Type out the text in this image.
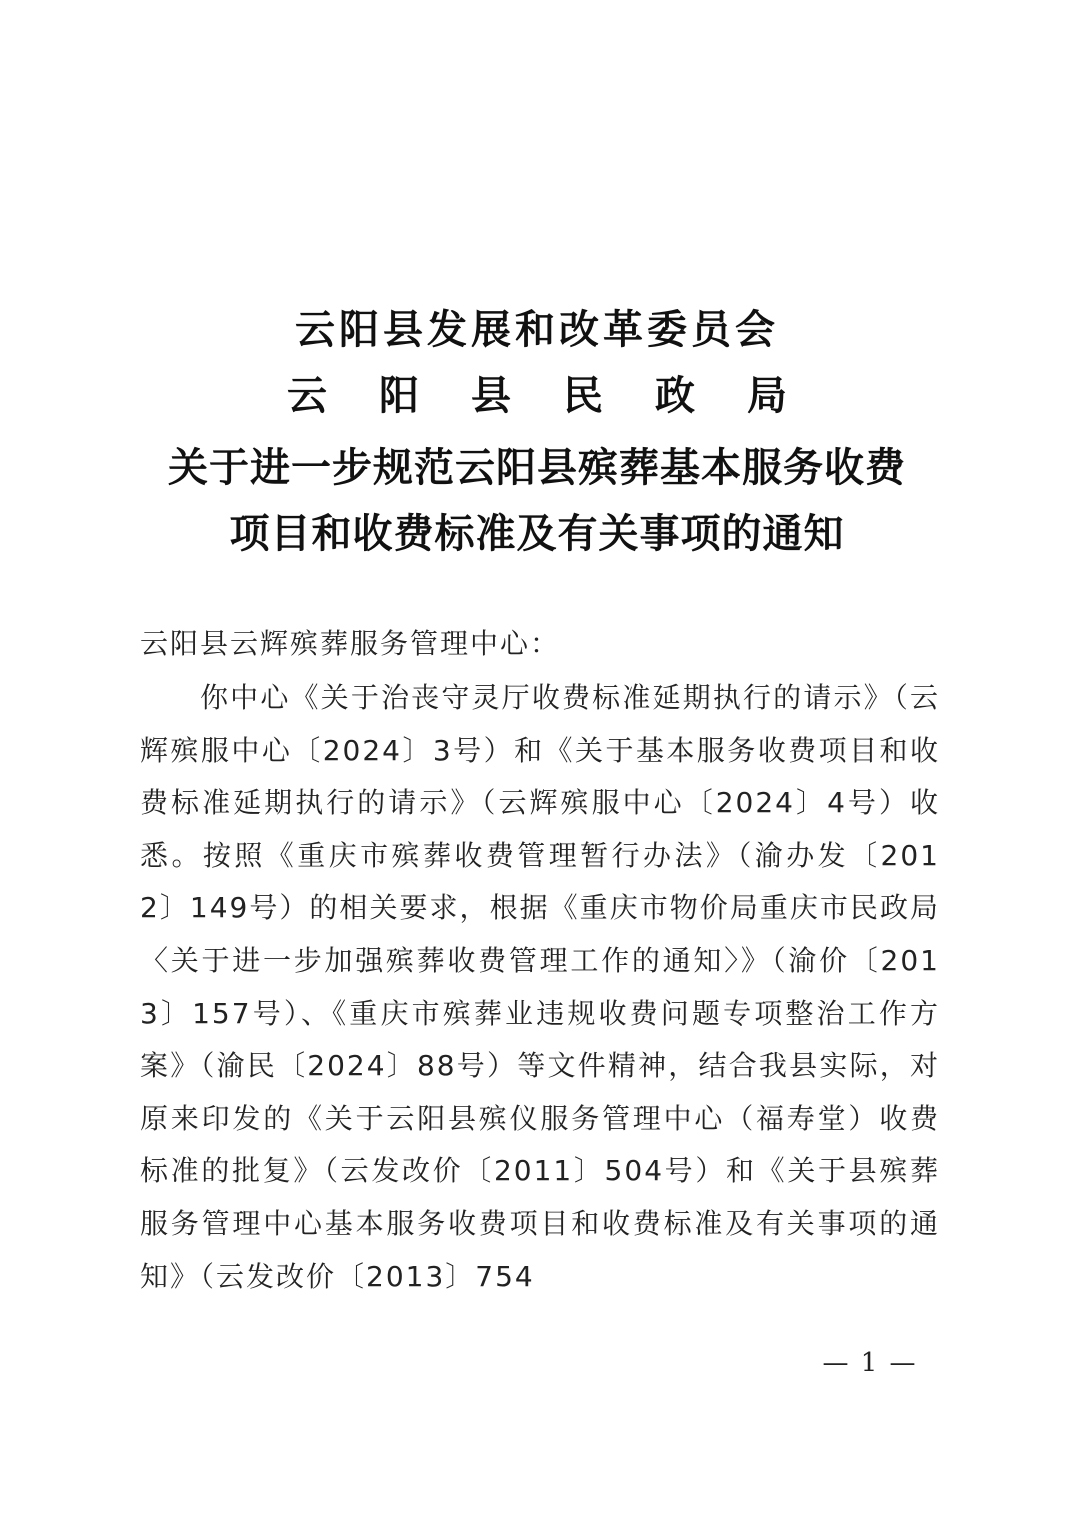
云阳县发展和改革委员会
云 阳 县 民 政 局
关于进一步规范云阳县殡葬基本服务收费
项目和收费标准及有关事项的通知
云阳县云辉殡葬服务管理中心：
你中心《关于治丧守灵厅收费标准延期执行的请示》（云辉殡服中心〔2024〕3号）和《关于基本服务收费项目和收费标准延期执行的请示》（云辉殡服中心〔2024〕4号）收悉。按照《重庆市殡葬收费管理暂行办法》（渝办发〔2012〕149号）的相关要求，根据《重庆市物价局重庆市民政局〈关于进一步加强殡葬收费管理工作的通知〉》（渝价〔2013〕157号）、《重庆市殡葬业违规收费问题专项整治工作方案》（渝民〔2024〕88号）等文件精神，结合我县实际，对原来印发的《关于云阳县殡仪服务管理中心（福寿堂）收费标准的批复》（云发改价〔2011〕504号）和《关于县殡葬服务管理中心基本服务收费项目和收费标准及有关事项的通知》（云发改价〔2013〕754
— 1 —
